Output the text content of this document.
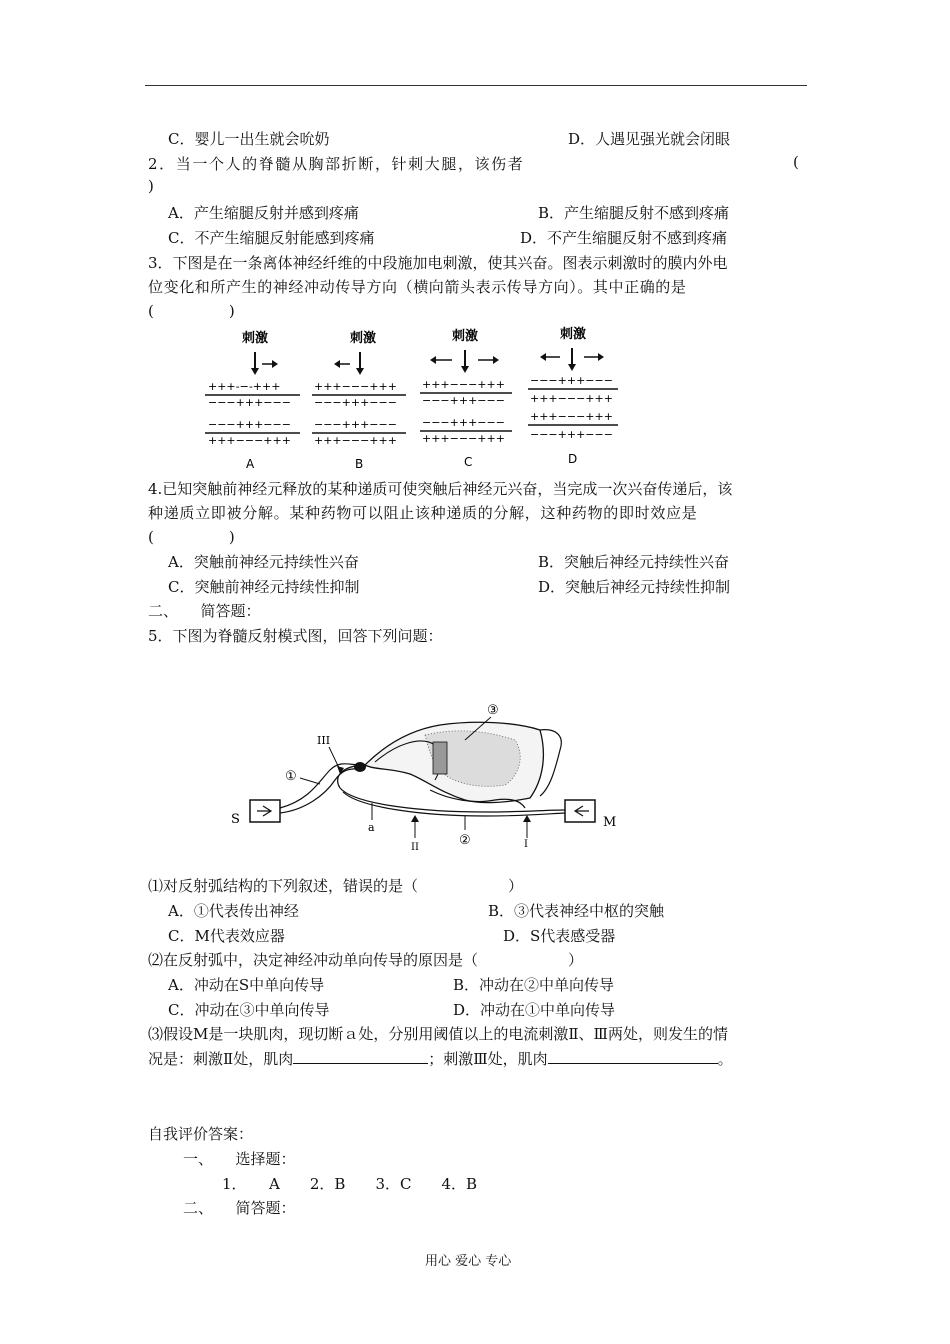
C．婴儿一出生就会吮奶	D．人遇见强光就会闭眼
2．当一个人的脊髓从胸部折断，针刺大腿，该伤者	(
)
A．产生缩腿反射并感到疼痛	B．产生缩腿反射不感到疼痛
C．不产生缩腿反射能感到疼痛	D．不产生缩腿反射不感到疼痛
3．下图是在一条离体神经纤维的中段施加电刺激，使其兴奋。图表示刺激时的膜内外电
位变化和所产生的神经冲动传导方向（横向箭头表示传导方向）。其中正确的是
(　　　　　)
刺激
+++-−-+++
−−−+++−−−
−−−+++−−−
+++−−−+++
A
刺激
+++−−−+++
−−−+++−−−
−−−+++−−−
+++−−−+++
B
刺激
+++−−−+++
−−−+++−−−
−−−+++−−−
+++−−−+++
C
刺激
−−−+++−−−
+++−−−+++
+++−−−+++
−−−+++−−−
D
4.已知突触前神经元释放的某种递质可使突触后神经元兴奋，当完成一次兴奋传递后，该
种递质立即被分解。某种药物可以阻止该种递质的分解，这种药物的即时效应是
(　　　　　)
A．突触前神经元持续性兴奋	B．突触后神经元持续性兴奋
C．突触前神经元持续性抑制	D．突触后神经元持续性抑制
二、　　简答题：
5．下图为脊髓反射模式图，回答下列问题：
S	M
③
III
①
a
II	②	I
⑴对反射弧结构的下列叙述，错误的是（　　　　　　）
A．①代表传出神经	B．③代表神经中枢的突触
C．M代表效应器	D．S代表感受器
⑵在反射弧中，决定神经冲动单向传导的原因是（　　　　　　）
A．冲动在S中单向传导	B．冲动在②中单向传导
C．冲动在③中单向传导	D．冲动在①中单向传导
⑶假设M是一块肌肉，现切断ａ处，分别用阈值以上的电流刺激Ⅱ、Ⅲ两处，则发生的情
况是：刺激Ⅱ处，肌肉	；刺激Ⅲ处，肌肉	。
自我评价答案：
一、　　选择题：
1．　　A　　2．B　　3．C　　4．B
二、　　简答题：
用心 爱心 专心
